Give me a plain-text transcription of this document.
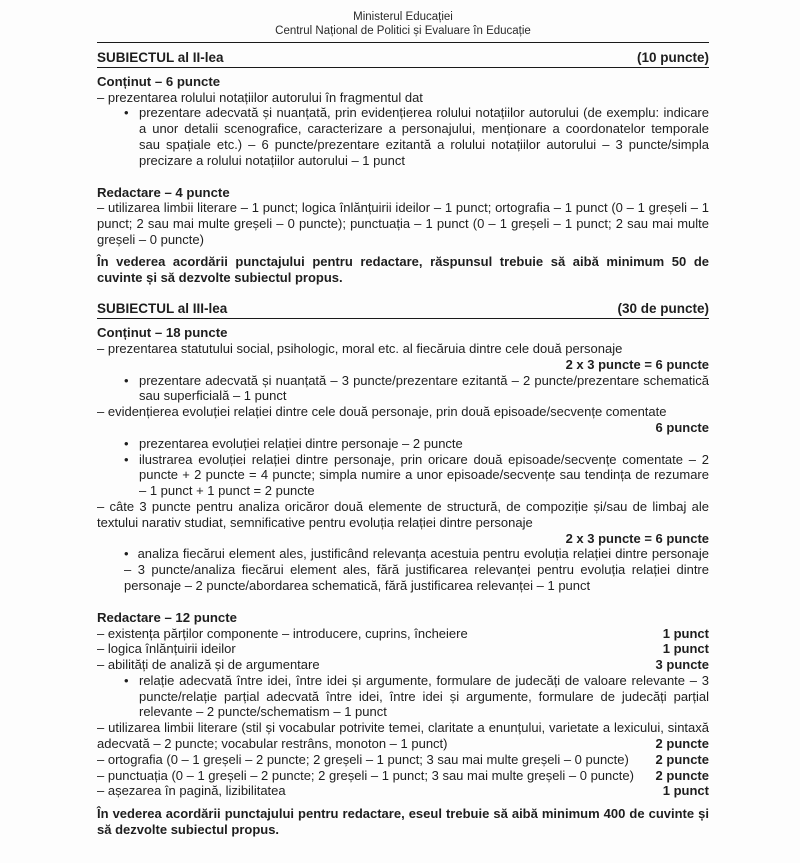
Ministerul Educației
Centrul Național de Politici și Evaluare în Educație
SUBIECTUL al II-lea	(10 puncte)
Conținut – 6 puncte
– prezentarea rolului notațiilor autorului în fragmentul dat
• prezentare adecvată și nuanțată, prin evidențierea rolului notațiilor autorului (de exemplu: indicare a unor detalii scenografice, caracterizare a personajului, menționare a coordonatelor temporale sau spațiale etc.) – 6 puncte/prezentare ezitantă a rolului notațiilor autorului – 3 puncte/simpla precizare a rolului notațiilor autorului – 1 punct
Redactare – 4 puncte
– utilizarea limbii literare – 1 punct; logica înlănțuirii ideilor – 1 punct; ortografia – 1 punct (0 – 1 greșeli – 1 punct; 2 sau mai multe greșeli – 0 puncte); punctuația – 1 punct (0 – 1 greșeli – 1 punct; 2 sau mai multe greșeli – 0 puncte)
În vederea acordării punctajului pentru redactare, răspunsul trebuie să aibă minimum 50 de cuvinte și să dezvolte subiectul propus.
SUBIECTUL al III-lea	(30 de puncte)
Conținut – 18 puncte
– prezentarea statutului social, psihologic, moral etc. al fiecăruia dintre cele două personaje
2 x 3 puncte = 6 puncte
• prezentare adecvată și nuanțată – 3 puncte/prezentare ezitantă – 2 puncte/prezentare schematică sau superficială – 1 punct
– evidențierea evoluției relației dintre cele două personaje, prin două episoade/secvențe comentate
6 puncte
• prezentarea evoluției relației dintre personaje – 2 puncte
• ilustrarea evoluției relației dintre personaje, prin oricare două episoade/secvențe comentate – 2 puncte + 2 puncte = 4 puncte; simpla numire a unor episoade/secvențe sau tendința de rezumare – 1 punct + 1 punct = 2 puncte
– câte 3 puncte pentru analiza oricăror două elemente de structură, de compoziție și/sau de limbaj ale textului narativ studiat, semnificative pentru evoluția relației dintre personaje
2 x 3 puncte = 6 puncte
• analiza fiecărui element ales, justificând relevanța acestuia pentru evoluția relației dintre personaje – 3 puncte/analiza fiecărui element ales, fără justificarea relevanței pentru evoluția relației dintre personaje – 2 puncte/abordarea schematică, fără justificarea relevanței – 1 punct
Redactare – 12 puncte
– existența părților componente – introducere, cuprins, încheiere	1 punct
– logica înlănțuirii ideilor	1 punct
– abilități de analiză și de argumentare	3 puncte
• relație adecvată între idei, între idei și argumente, formulare de judecăți de valoare relevante – 3 puncte/relație parțial adecvată între idei, între idei și argumente, formulare de judecăți parțial relevante – 2 puncte/schematism – 1 punct
– utilizarea limbii literare (stil și vocabular potrivite temei, claritate a enunțului, varietate a lexicului, sintaxă adecvată – 2 puncte; vocabular restrâns, monoton – 1 punct)	2 puncte
– ortografia (0 – 1 greșeli – 2 puncte; 2 greșeli – 1 punct; 3 sau mai multe greșeli – 0 puncte)	2 puncte
– punctuația (0 – 1 greșeli – 2 puncte; 2 greșeli – 1 punct; 3 sau mai multe greșeli – 0 puncte)	2 puncte
– așezarea în pagină, lizibilitatea	1 punct
În vederea acordării punctajului pentru redactare, eseul trebuie să aibă minimum 400 de cuvinte și să dezvolte subiectul propus.
